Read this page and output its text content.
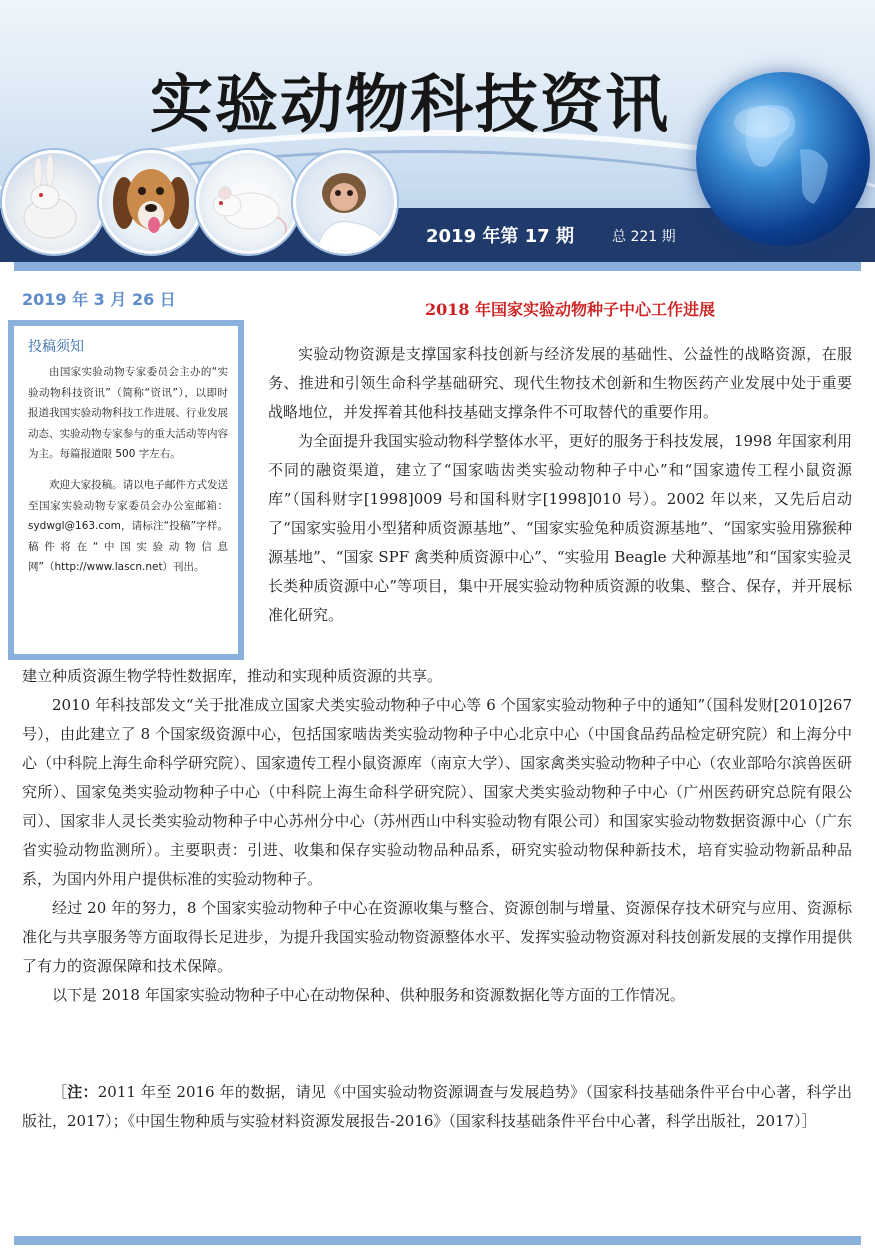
实验动物科技资讯
2019 年第 17 期	总 221 期
2019 年 3 月 26 日
投稿须知

由国家实验动物专家委员会主办的“实验动物科技资讯”（简称“资讯”），以即时报道我国实验动物科技工作进展、行业发展动态、实验动物专家参与的重大活动等内容为主。每篇报道限 500 字左右。

欢迎大家投稿。请以电子邮件方式发送至国家实验动物专家委员会办公室邮箱：sydwgl@163.com，请标注“投稿”字样。稿件将在“中国实验动物信息网”（http://www.lascn.net）刊出。

2018 年国家实验动物种子中心工作进展

实验动物资源是支撑国家科技创新与经济发展的基础性、公益性的战略资源，在服务、推进和引领生命科学基础研究、现代生物技术创新和生物医药产业发展中处于重要战略地位，并发挥着其他科技基础支撑条件不可取替代的重要作用。

为全面提升我国实验动物科学整体水平，更好的服务于科技发展，1998 年国家利用不同的融资渠道，建立了“国家啮齿类实验动物种子中心”和“国家遗传工程小鼠资源库”（国科财字[1998]009 号和国科财字[1998]010 号）。2002 年以来，又先后启动了“国家实验用小型猪种质资源基地”、“国家实验兔种质资源基地”、“国家实验用猕猴种源基地”、“国家 SPF 禽类种质资源中心”、“实验用 Beagle 犬种源基地”和“国家实验灵长类种质资源中心”等项目，集中开展实验动物种质资源的收集、整合、保存，并开展标准化研究。

建立种质资源生物学特性数据库，推动和实现种质资源的共享。

2010 年科技部发文“关于批准成立国家犬类实验动物种子中心等 6 个国家实验动物种子中的通知”（国科发财[2010]267 号），由此建立了 8 个国家级资源中心，包括国家啮齿类实验动物种子中心北京中心（中国食品药品检定研究院）和上海分中心（中科院上海生命科学研究院）、国家遗传工程小鼠资源库（南京大学）、国家禽类实验动物种子中心（农业部哈尔滨兽医研究所）、国家兔类实验动物种子中心（中科院上海生命科学研究院）、国家犬类实验动物种子中心（广州医药研究总院有限公司）、国家非人灵长类实验动物种子中心苏州分中心（苏州西山中科实验动物有限公司）和国家实验动物数据资源中心（广东省实验动物监测所）。主要职责：引进、收集和保存实验动物品种品系，研究实验动物保种新技术，培育实验动物新品种品系，为国内外用户提供标准的实验动物种子。

经过 20 年的努力，8 个国家实验动物种子中心在资源收集与整合、资源创制与增量、资源保存技术研究与应用、资源标准化与共享服务等方面取得长足进步，为提升我国实验动物资源整体水平、发挥实验动物资源对科技创新发展的支撑作用提供了有力的资源保障和技术保障。

以下是 2018 年国家实验动物种子中心在动物保种、供种服务和资源数据化等方面的工作情况。

［注：2011 年至 2016 年的数据，请见《中国实验动物资源调查与发展趋势》（国家科技基础条件平台中心著，科学出版社，2017）；《中国生物种质与实验材料资源发展报告-2016》（国家科技基础条件平台中心著，科学出版社，2017）］
